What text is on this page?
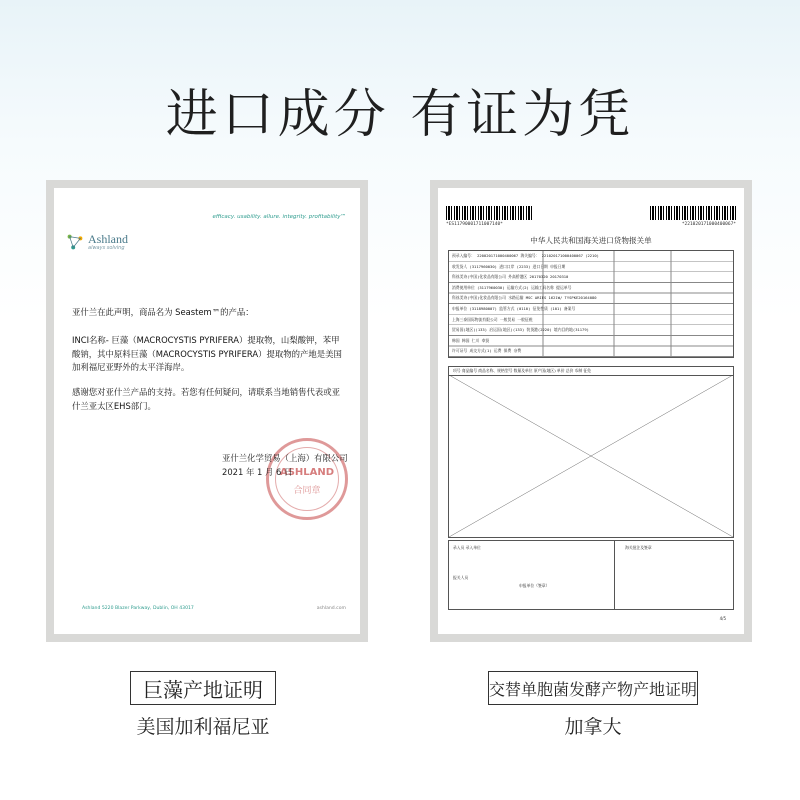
进口成分 有证为凭
efficacy. usability. allure. integrity. profitability™
Ashland
always solving
亚什兰在此声明，商品名为 Seastem™的产品：
INCI名称- 巨藻（MACROCYSTIS PYRIFERA）提取物，山梨酸钾，苯甲酸钠，其中原料巨藻（MACROCYSTIS PYRIFERA）提取物的产地是美国加利福尼亚野外的太平洋海岸。
感谢您对亚什兰产品的支持。若您有任何疑问，请联系当地销售代表或亚什兰亚太区EHS部门。
ASHLAND
合同章
亚什兰化学贸易（上海）有限公司
2021 年 1 月 6 日
Ashland 5220 Blazer Parkway, Dublin, OH 43017	ashland.com
*ES11790001711007140*	*221020171000400067*
中华人民共和国海关进口货物报关单
预录入编号： 220020171000400067 海关编号： 221020171000400067 (2210)
收发货人 (3117960030) 进口口岸 (2233) 进口日期 申报日期
科丝美诗(中国)化妆品有限公司 外高桥港区 20170320 20170310
消费使用单位 (3117960030) 运输方式(2) 运输工具名称 提运单号
科丝美诗(中国)化妆品有限公司 水路运输 MSC ARIES 1621W/ TYSPKE20164080
申报单位 (3118980007) 监管方式 (0110) 征免性质 (101) 备案号
上海三泰国际物流有限公司 一般贸易 一般征税
贸易国(地区)(133) 启运国(地区)(133) 装货港(2220) 境内目的地(31179)
韩国 韩国 仁川 奉贤
许可证号 成交方式(1) 运费 保费 杂费
项号 商品编号 商品名称、规格型号 数量及单位 原产国(地区) 单价 总价 币制 征免
录入员 录入单位
报关人员
申报单位（签章）
海关批注及签章
4/5
巨藻产地证明
美国加利福尼亚
交替单胞菌发酵产物产地证明
加拿大
